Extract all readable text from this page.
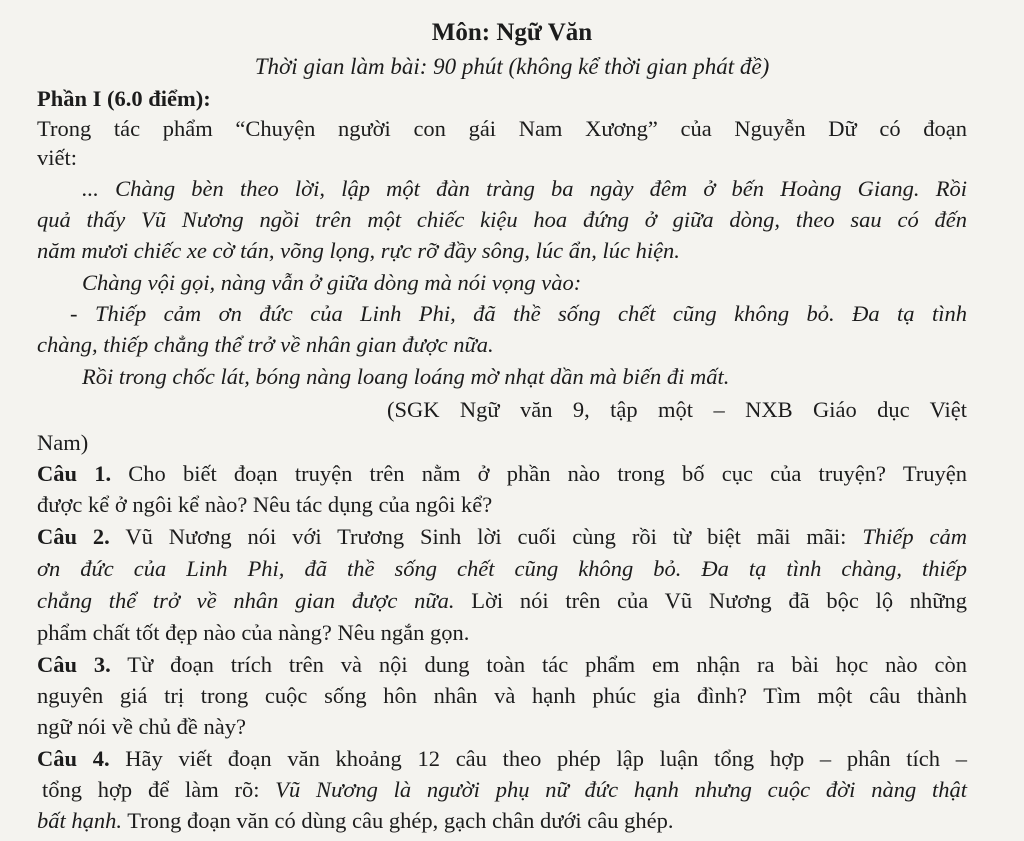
Môn: Ngữ Văn
Thời gian làm bài: 90 phút (không kể thời gian phát đề)
Phần I (6.0 điểm):
Trong tác phẩm “Chuyện người con gái Nam Xương” của Nguyễn Dữ có đoạn
viết:
... Chàng bèn theo lời, lập một đàn tràng ba ngày đêm ở bến Hoàng Giang. Rồi
quả thấy Vũ Nương ngồi trên một chiếc kiệu hoa đứng ở giữa dòng, theo sau có đến
năm mươi chiếc xe cờ tán, võng lọng, rực rỡ đầy sông, lúc ẩn, lúc hiện.
Chàng vội gọi, nàng vẫn ở giữa dòng mà nói vọng vào:
- Thiếp cảm ơn đức của Linh Phi, đã thề sống chết cũng không bỏ. Đa tạ tình
chàng, thiếp chẳng thể trở về nhân gian được nữa.
Rồi trong chốc lát, bóng nàng loang loáng mờ nhạt dần mà biến đi mất.
(SGK Ngữ văn 9, tập một – NXB Giáo dục Việt
Nam)
Câu 1. Cho biết đoạn truyện trên nằm ở phần nào trong bố cục của truyện? Truyện
được kể ở ngôi kể nào? Nêu tác dụng của ngôi kể?
Câu 2. Vũ Nương nói với Trương Sinh lời cuối cùng rồi từ biệt mãi mãi: Thiếp cảm
ơn đức của Linh Phi, đã thề sống chết cũng không bỏ. Đa tạ tình chàng, thiếp
chẳng thể trở về nhân gian được nữa. Lời nói trên của Vũ Nương đã bộc lộ những
phẩm chất tốt đẹp nào của nàng? Nêu ngắn gọn.
Câu 3. Từ đoạn trích trên và nội dung toàn tác phẩm em nhận ra bài học nào còn
nguyên giá trị trong cuộc sống hôn nhân và hạnh phúc gia đình? Tìm một câu thành
ngữ nói về chủ đề này?
Câu 4. Hãy viết đoạn văn khoảng 12 câu theo phép lập luận tổng hợp – phân tích –
tổng hợp để làm rõ: Vũ Nương là người phụ nữ đức hạnh nhưng cuộc đời nàng thật
bất hạnh. Trong đoạn văn có dùng câu ghép, gạch chân dưới câu ghép.
